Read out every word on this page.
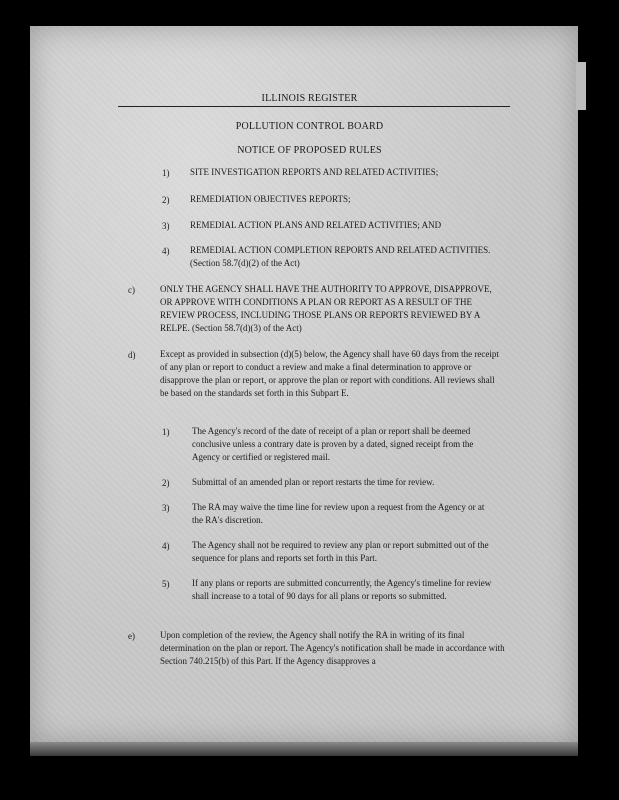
ILLINOIS REGISTER
POLLUTION CONTROL BOARD
NOTICE OF PROPOSED RULES
1) SITE INVESTIGATION REPORTS AND RELATED ACTIVITIES;
2) REMEDIATION OBJECTIVES REPORTS;
3) REMEDIAL ACTION PLANS AND RELATED ACTIVITIES; AND
4) REMEDIAL ACTION COMPLETION REPORTS AND RELATED ACTIVITIES. (Section 58.7(d)(2) of the Act)
c)	ONLY THE AGENCY SHALL HAVE THE AUTHORITY TO APPROVE, DISAPPROVE, OR APPROVE WITH CONDITIONS A PLAN OR REPORT AS A RESULT OF THE REVIEW PROCESS, INCLUDING THOSE PLANS OR REPORTS REVIEWED BY A RELPE. (Section 58.7(d)(3) of the Act)
d)	Except as provided in subsection (d)(5) below, the Agency shall have 60 days from the receipt of any plan or report to conduct a review and make a final determination to approve or disapprove the plan or report, or approve the plan or report with conditions. All reviews shall be based on the standards set forth in this Subpart E.
1)	The Agency's record of the date of receipt of a plan or report shall be deemed conclusive unless a contrary date is proven by a dated, signed receipt from the Agency or certified or registered mail.
2)	Submittal of an amended plan or report restarts the time for review.
3)	The RA may waive the time line for review upon a request from the Agency or at the RA's discretion.
4)	The Agency shall not be required to review any plan or report submitted out of the sequence for plans and reports set forth in this Part.
5)	If any plans or reports are submitted concurrently, the Agency's timeline for review shall increase to a total of 90 days for all plans or reports so submitted.
e)	Upon completion of the review, the Agency shall notify the RA in writing of its final determination on the plan or report. The Agency's notification shall be made in accordance with Section 740.215(b) of this Part. If the Agency disapproves a
